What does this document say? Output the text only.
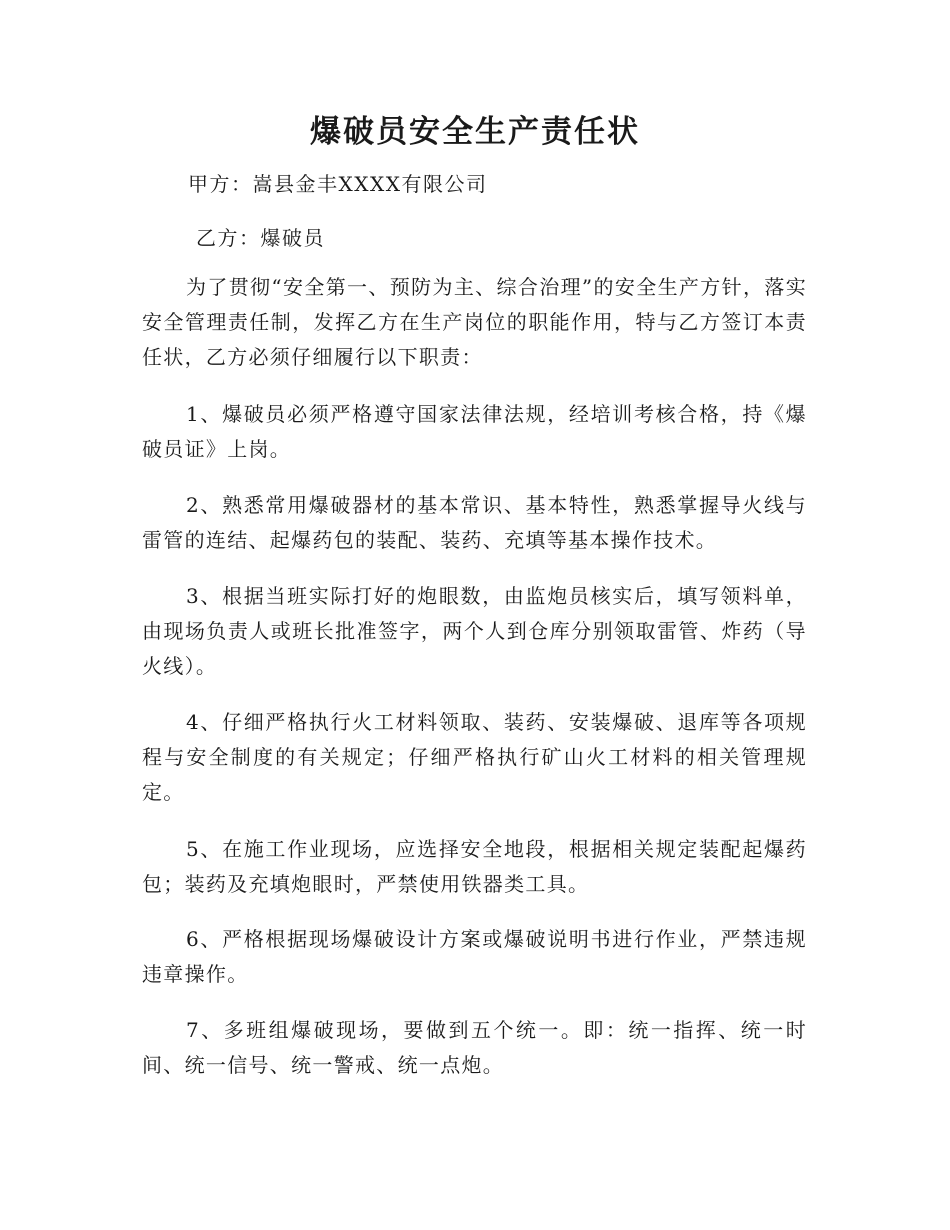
爆破员安全生产责任状
甲方：嵩县金丰XXXX有限公司
乙方：爆破员

为了贯彻“安全第一、预防为主、综合治理”的安全生产方针，落实安全管理责任制，发挥乙方在生产岗位的职能作用，特与乙方签订本责任状，乙方必须仔细履行以下职责：

1、爆破员必须严格遵守国家法律法规，经培训考核合格，持《爆破员证》上岗。

2、熟悉常用爆破器材的基本常识、基本特性，熟悉掌握导火线与雷管的连结、起爆药包的装配、装药、充填等基本操作技术。

3、根据当班实际打好的炮眼数，由监炮员核实后，填写领料单，由现场负责人或班长批准签字，两个人到仓库分别领取雷管、炸药（导火线）。

4、仔细严格执行火工材料领取、装药、安装爆破、退库等各项规程与安全制度的有关规定；仔细严格执行矿山火工材料的相关管理规定。

5、在施工作业现场，应选择安全地段，根据相关规定装配起爆药包；装药及充填炮眼时，严禁使用铁器类工具。

6、严格根据现场爆破设计方案或爆破说明书进行作业，严禁违规违章操作。

7、多班组爆破现场，要做到五个统一。即：统一指挥、统一时间、统一信号、统一警戒、统一点炮。
